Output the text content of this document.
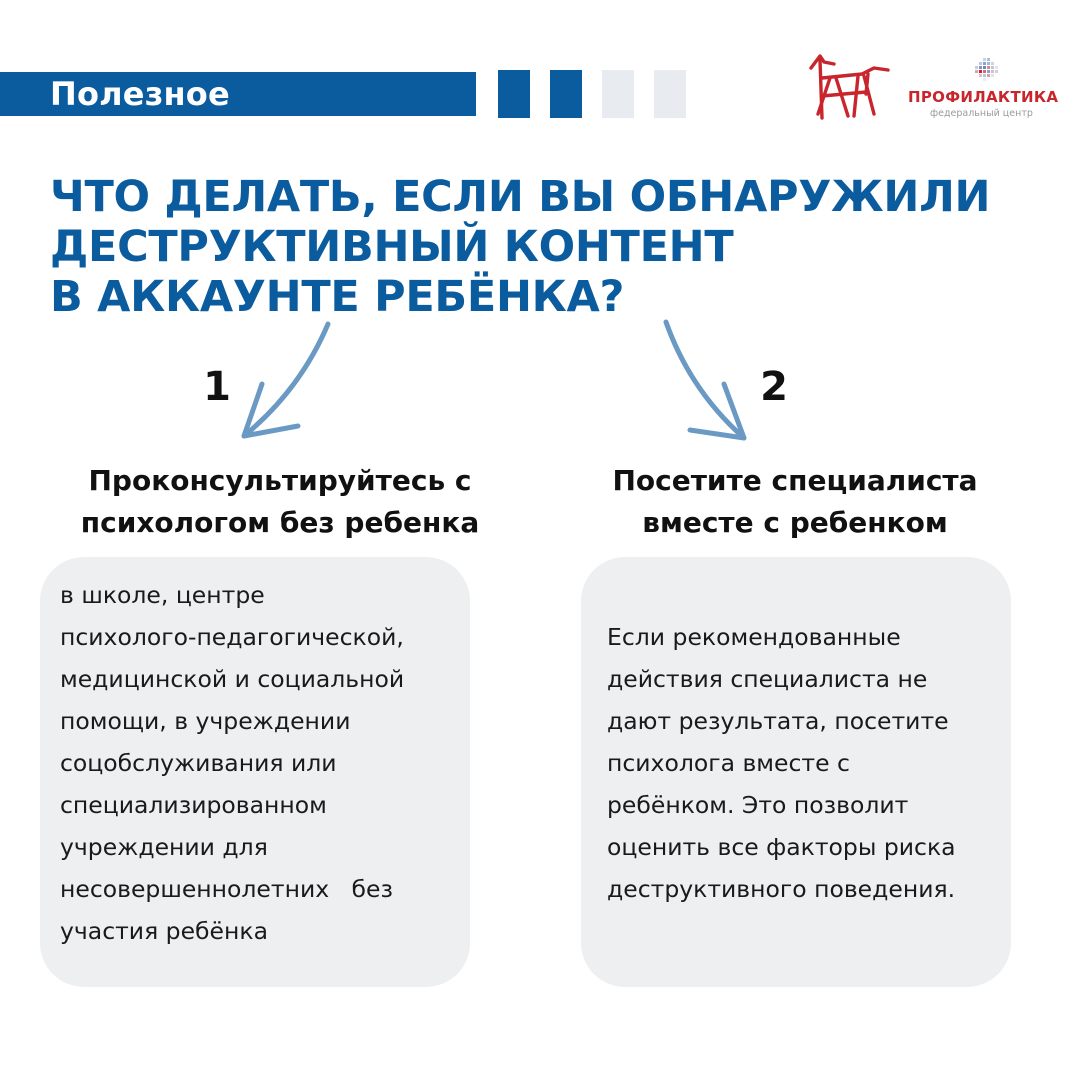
Полезное	ПРОФИЛАКТИКА
федеральный центр
ЧТО ДЕЛАТЬ, ЕСЛИ ВЫ ОБНАРУЖИЛИ
ДЕСТРУКТИВНЫЙ КОНТЕНТ
В АККАУНТЕ РЕБЁНКА?
1	2
Проконсультируйтесь с
психологом без ребенка
Посетите специалиста
вместе с ребенком
в школе, центре
психолого-педагогической,
медицинской и социальной
помощи, в учреждении
соцобслуживания или
специализированном
учреждении для
несовершеннолетних   без
участия ребёнка
Если рекомендованные
действия специалиста не
дают результата, посетите
психолога вместе с
ребёнком. Это позволит
оценить все факторы риска
деструктивного поведения.
